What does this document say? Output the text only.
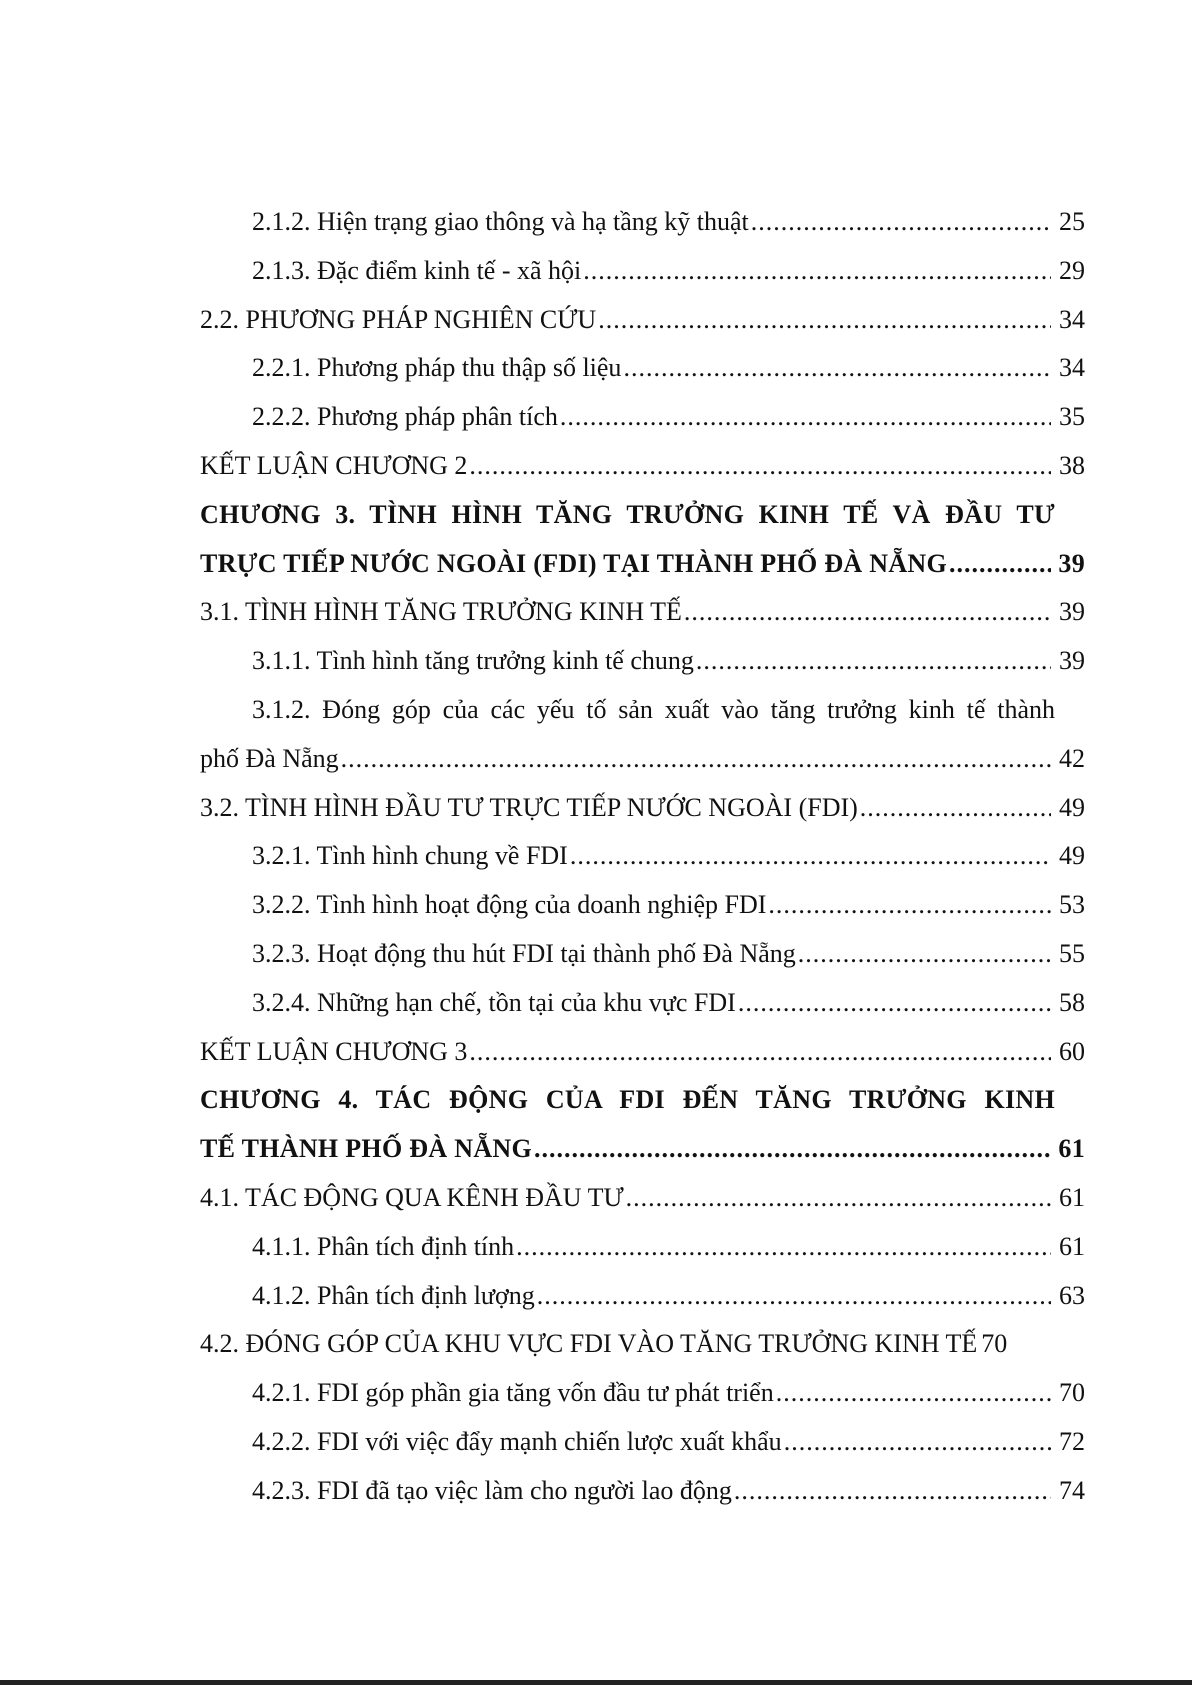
2.1.2. Hiện trạng giao thông và hạ tầng kỹ thuật .....	25
2.1.3. Đặc điểm kinh tế - xã hội .....	29
2.2. PHƯƠNG PHÁP NGHIÊN CỨU .....	34
2.2.1. Phương pháp thu thập số liệu .....	34
2.2.2. Phương pháp phân tích .....	35
KẾT LUẬN CHƯƠNG 2 .....	38
CHƯƠNG 3. TÌNH HÌNH TĂNG TRƯỞNG KINH TẾ VÀ ĐẦU TƯ
TRỰC TIẾP NƯỚC NGOÀI (FDI) TẠI THÀNH PHỐ ĐÀ NẴNG .....	39
3.1. TÌNH HÌNH TĂNG TRƯỞNG KINH TẾ .....	39
3.1.1. Tình hình tăng trưởng kinh tế chung .....	39
3.1.2. Đóng góp của các yếu tố sản xuất vào tăng trưởng kinh tế thành
phố Đà Nẵng .....	42
3.2. TÌNH HÌNH ĐẦU TƯ TRỰC TIẾP NƯỚC NGOÀI (FDI) .....	49
3.2.1. Tình hình chung về FDI .....	49
3.2.2. Tình hình hoạt động của doanh nghiệp FDI .....	53
3.2.3. Hoạt động thu hút FDI tại thành phố Đà Nẵng .....	55
3.2.4. Những hạn chế, tồn tại của khu vực FDI .....	58
KẾT LUẬN CHƯƠNG 3 .....	60
CHƯƠNG 4. TÁC ĐỘNG CỦA FDI ĐẾN TĂNG TRƯỞNG KINH
TẾ THÀNH PHỐ ĐÀ NẴNG .....	61
4.1. TÁC ĐỘNG QUA KÊNH ĐẦU TƯ .....	61
4.1.1. Phân tích định tính .....	61
4.1.2. Phân tích định lượng .....	63
4.2. ĐÓNG GÓP CỦA KHU VỰC FDI VÀO TĂNG TRƯỞNG KINH TẾ 70
4.2.1. FDI góp phần gia tăng vốn đầu tư phát triển .....	70
4.2.2. FDI với việc đẩy mạnh chiến lược xuất khẩu .....	72
4.2.3. FDI đã tạo việc làm cho người lao động .....	74
